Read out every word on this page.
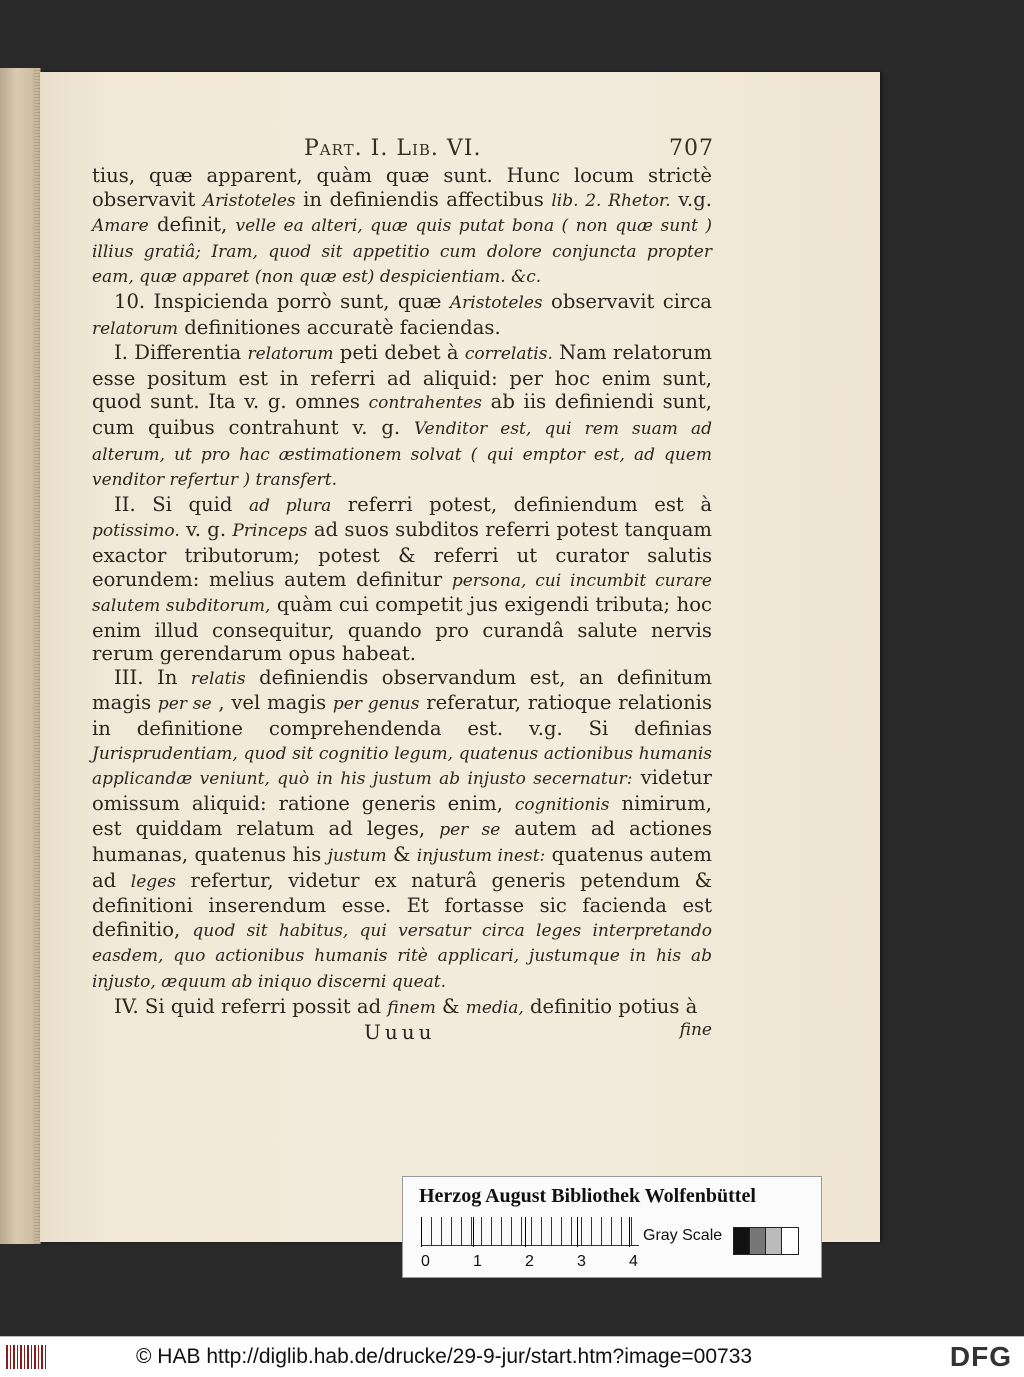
Part. I. Lib. VI.	707

tius, quæ apparent, quàm quæ sunt. Hunc locum strictè observavit Aristoteles in definiendis affectibus lib. 2. Rhetor. v.g. Amare definit, velle ea alteri, quæ quis putat bona ( non quæ sunt ) illius gratiâ; Iram, quod sit appetitio cum dolore conjuncta propter eam, quæ apparet (non quæ est) despicientiam. &c.

10. Inspicienda porrò sunt, quæ Aristoteles observavit circa relatorum definitiones accuratè faciendas.

I. Differentia relatorum peti debet à correlatis. Nam relatorum esse positum est in referri ad aliquid: per hoc enim sunt, quod sunt. Ita v. g. omnes contrahentes ab iis definiendi sunt, cum quibus contrahunt v. g. Venditor est, qui rem suam ad alterum, ut pro hac æstimationem solvat ( qui emptor est, ad quem venditor refertur ) transfert.

II. Si quid ad plura referri potest, definiendum est à potissimo. v. g. Princeps ad suos subditos referri potest tanquam exactor tributorum; potest & referri ut curator salutis eorundem: melius autem definitur persona, cui incumbit curare salutem subditorum, quàm cui competit jus exigendi tributa; hoc enim illud consequitur, quando pro curandâ salute nervis rerum gerendarum opus habeat.

III. In relatis definiendis observandum est, an definitum magis per se , vel magis per genus referatur, ratioque relationis in definitione comprehendenda est. v.g. Si definias Jurisprudentiam, quod sit cognitio legum, quatenus actionibus humanis applicandæ veniunt, quò in his justum ab injusto secernatur: videtur omissum aliquid: ratione generis enim, cognitionis nimirum, est quiddam relatum ad leges, per se autem ad actiones humanas, quatenus his justum & injustum inest: quatenus autem ad leges refertur, videtur ex naturâ generis petendum & definitioni inserendum esse. Et fortasse sic facienda est definitio, quod sit habitus, qui versatur circa leges interpretando easdem, quo actionibus humanis ritè applicari, justumque in his ab injusto, æquum ab iniquo discerni queat.

IV. Si quid referri possit ad finem & media, definitio potius à

Uuuu	fine
Herzog August Bibliothek Wolfenbüttel
0	1	2	3	4
Gray Scale
© HAB http://diglib.hab.de/drucke/29-9-jur/start.htm?image=00733	DFG
